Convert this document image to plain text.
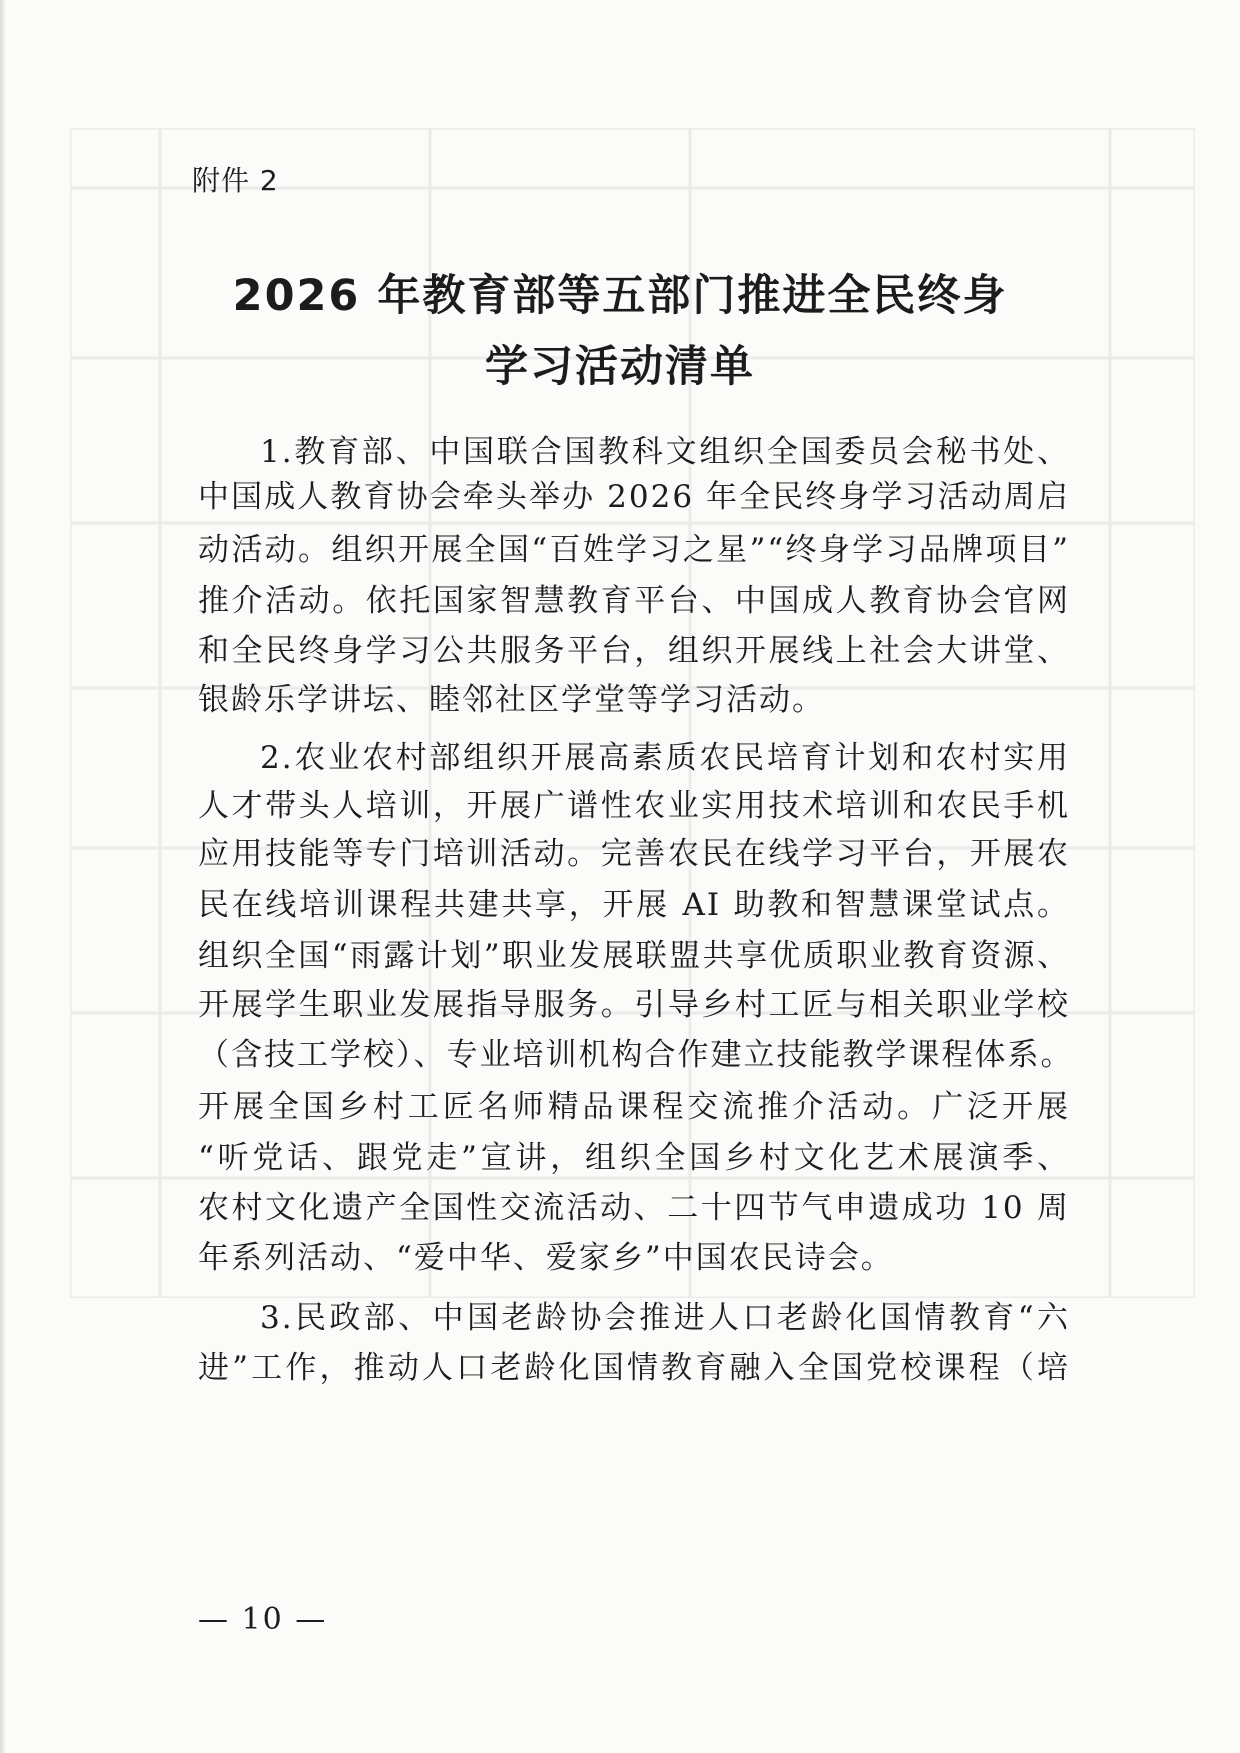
附件 2
2026 年教育部等五部门推进全民终身
学习活动清单
1.教育部、中国联合国教科文组织全国委员会秘书处、
中国成人教育协会牵头举办 2026 年全民终身学习活动周启
动活动。组织开展全国“百姓学习之星”“终身学习品牌项目”
推介活动。依托国家智慧教育平台、中国成人教育协会官网
和全民终身学习公共服务平台，组织开展线上社会大讲堂、
银龄乐学讲坛、睦邻社区学堂等学习活动。
2.农业农村部组织开展高素质农民培育计划和农村实用
人才带头人培训，开展广谱性农业实用技术培训和农民手机
应用技能等专门培训活动。完善农民在线学习平台，开展农
民在线培训课程共建共享，开展 AI 助教和智慧课堂试点。
组织全国“雨露计划”职业发展联盟共享优质职业教育资源、
开展学生职业发展指导服务。引导乡村工匠与相关职业学校
（含技工学校）、专业培训机构合作建立技能教学课程体系。
开展全国乡村工匠名师精品课程交流推介活动。广泛开展
“听党话、跟党走”宣讲，组织全国乡村文化艺术展演季、
农村文化遗产全国性交流活动、二十四节气申遗成功 10 周
年系列活动、“爱中华、爱家乡”中国农民诗会。
3.民政部、中国老龄协会推进人口老龄化国情教育“六
进”工作，推动人口老龄化国情教育融入全国党校课程（培
— 10 —
